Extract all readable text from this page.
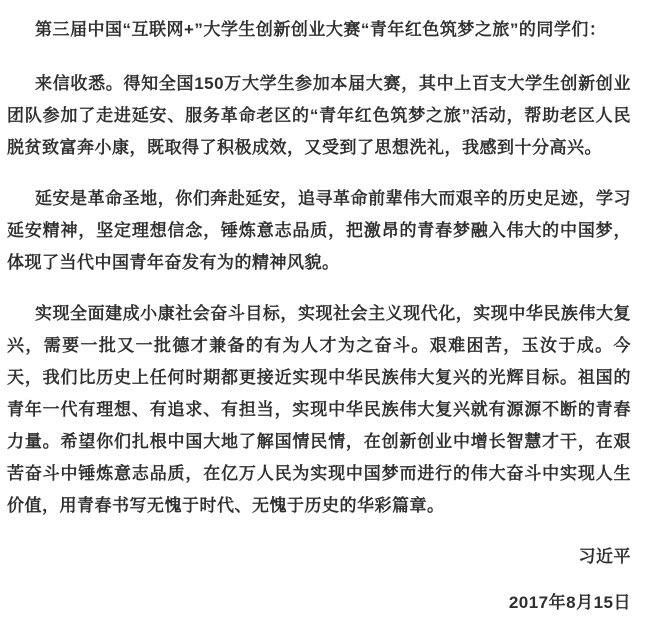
第三届中国“互联网+”大学生创新创业大赛“青年红色筑梦之旅”的同学们：

来信收悉。得知全国150万大学生参加本届大赛，其中上百支大学生创新创业团队参加了走进延安、服务革命老区的“青年红色筑梦之旅”活动，帮助老区人民脱贫致富奔小康，既取得了积极成效，又受到了思想洗礼，我感到十分高兴。

延安是革命圣地，你们奔赴延安，追寻革命前辈伟大而艰辛的历史足迹，学习延安精神，坚定理想信念，锤炼意志品质，把激昂的青春梦融入伟大的中国梦，体现了当代中国青年奋发有为的精神风貌。

实现全面建成小康社会奋斗目标，实现社会主义现代化，实现中华民族伟大复兴，需要一批又一批德才兼备的有为人才为之奋斗。艰难困苦，玉汝于成。今天，我们比历史上任何时期都更接近实现中华民族伟大复兴的光辉目标。祖国的青年一代有理想、有追求、有担当，实现中华民族伟大复兴就有源源不断的青春力量。希望你们扎根中国大地了解国情民情，在创新创业中增长智慧才干，在艰苦奋斗中锤炼意志品质，在亿万人民为实现中国梦而进行的伟大奋斗中实现人生价值，用青春书写无愧于时代、无愧于历史的华彩篇章。

习近平

2017年8月15日
